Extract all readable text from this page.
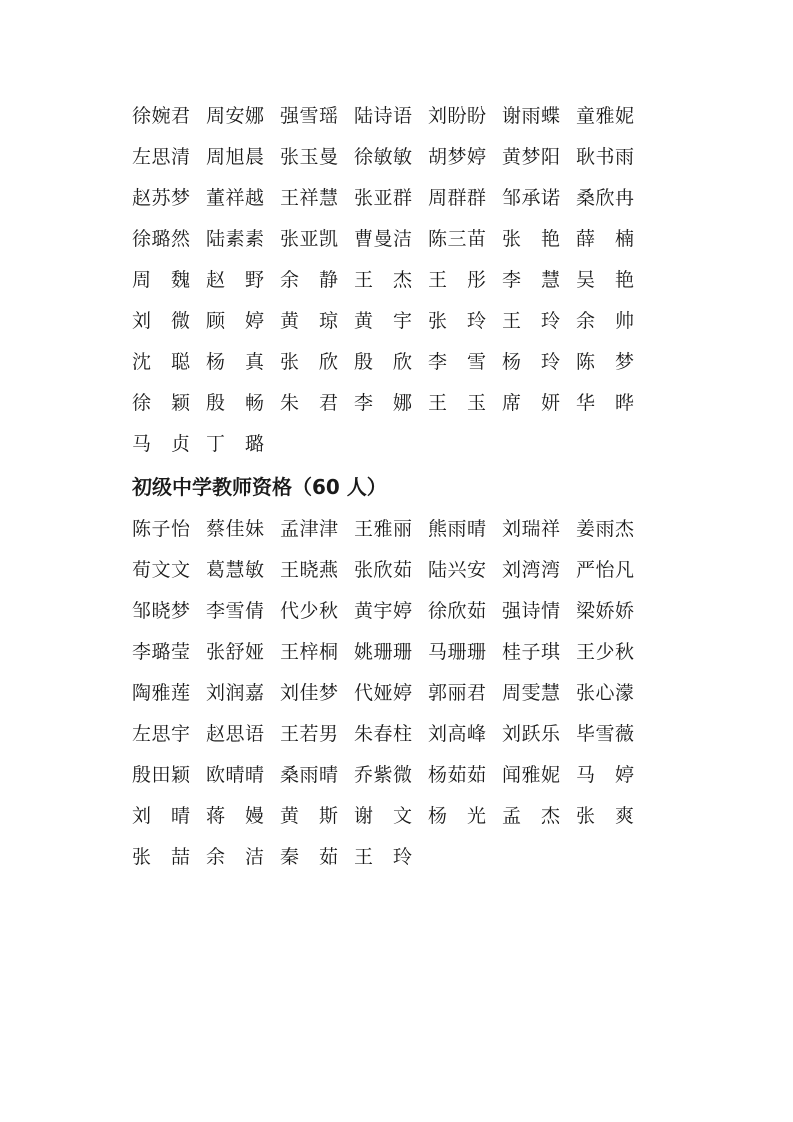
徐婉君 周安娜 强雪瑶 陆诗语 刘盼盼 谢雨蝶 童雅妮
左思清 周旭晨 张玉曼 徐敏敏 胡梦婷 黄梦阳 耿书雨
赵苏梦 董祥越 王祥慧 张亚群 周群群 邹承诺 桑欣冉
徐璐然 陆素素 张亚凯 曹曼洁 陈三苗 张　艳 薛　楠
周　魏 赵　野 余　静 王　杰 王　彤 李　慧 吴　艳
刘　微 顾　婷 黄　琼 黄　宇 张　玲 王　玲 余　帅
沈　聪 杨　真 张　欣 殷　欣 李　雪 杨　玲 陈　梦
徐　颖 殷　畅 朱　君 李　娜 王　玉 席　妍 华　晔
马　贞 丁　璐
初级中学教师资格（60 人）
陈子怡 蔡佳妹 孟津津 王雅丽 熊雨晴 刘瑞祥 姜雨杰
荀文文 葛慧敏 王晓燕 张欣茹 陆兴安 刘湾湾 严怡凡
邹晓梦 李雪倩 代少秋 黄宇婷 徐欣茹 强诗情 梁娇娇
李璐莹 张舒娅 王梓桐 姚珊珊 马珊珊 桂子琪 王少秋
陶雅莲 刘润嘉 刘佳梦 代娅婷 郭丽君 周雯慧 张心濛
左思宇 赵思语 王若男 朱春柱 刘高峰 刘跃乐 毕雪薇
殷田颖 欧晴晴 桑雨晴 乔紫微 杨茹茹 闻雅妮 马　婷
刘　晴 蒋　嫚 黄　斯 谢　文 杨　光 孟　杰 张　爽
张　喆 余　洁 秦　茹 王　玲
